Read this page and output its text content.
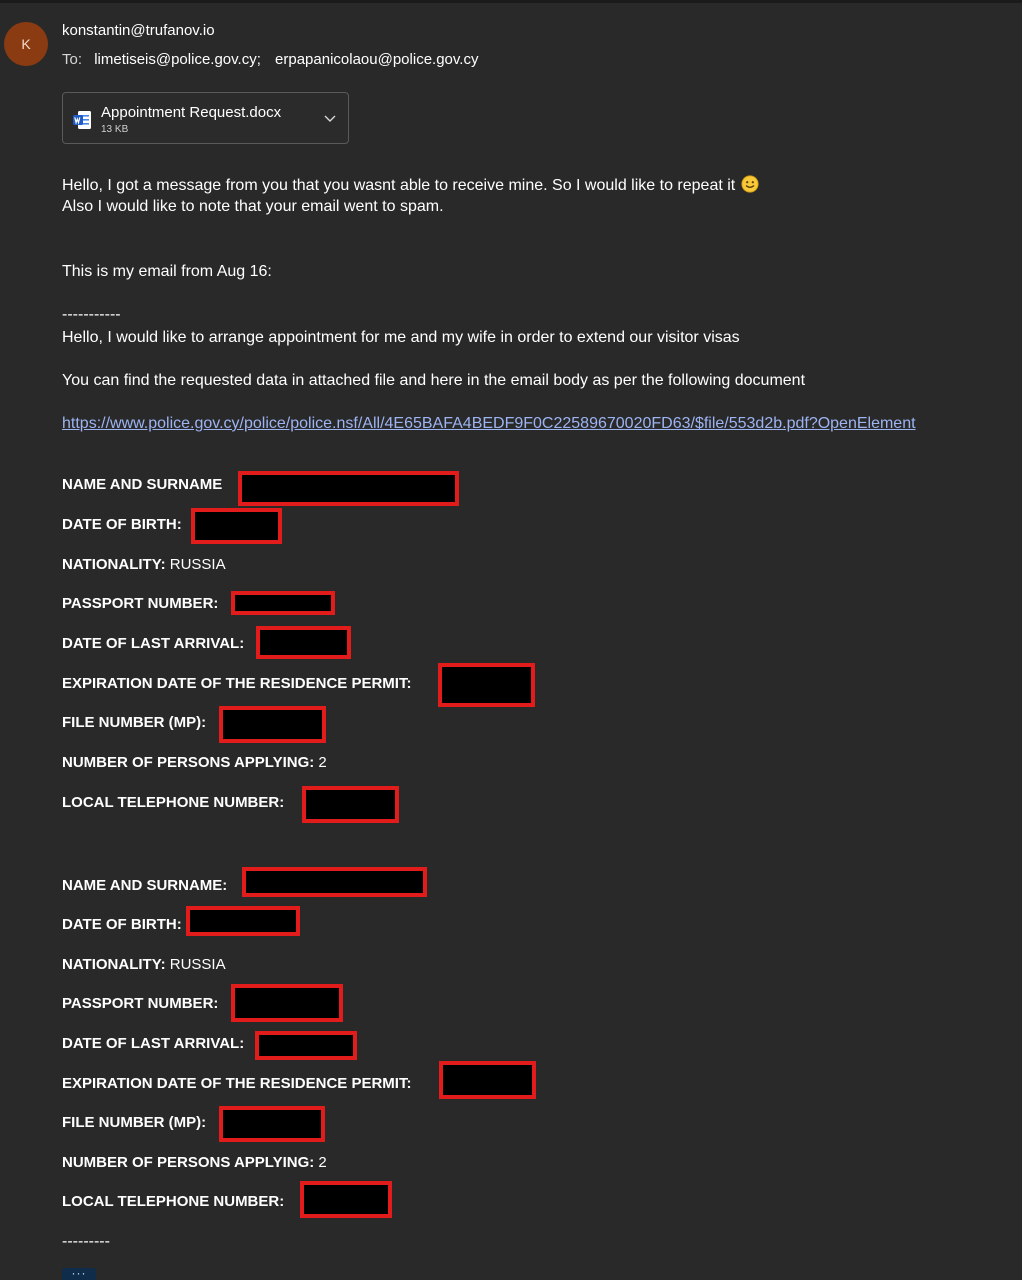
K
konstantin@trufanov.io
To: limetiseis@police.gov.cy; erpapanicolaou@police.gov.cy
Appointment Request.docx
13 KB
Hello, I got a message from you that you wasnt able to receive mine. So I would like to repeat it
Also I would like to note that your email went to spam.
This is my email from Aug 16:
-----------
Hello, I would like to arrange appointment for me and my wife in order to extend our visitor visas
You can find the requested data in attached file and here in the email body as per the following document
https://www.police.gov.cy/police/police.nsf/All/4E65BAFA4BEDF9F0C22589670020FD63/$file/553d2b.pdf?OpenElement
NAME AND SURNAME
DATE OF BIRTH:
NATIONALITY: RUSSIA
PASSPORT NUMBER:
DATE OF LAST ARRIVAL:
EXPIRATION DATE OF THE RESIDENCE PERMIT:
FILE NUMBER (MP):
NUMBER OF PERSONS APPLYING: 2
LOCAL TELEPHONE NUMBER:
NAME AND SURNAME:
DATE OF BIRTH:
NATIONALITY: RUSSIA
PASSPORT NUMBER:
DATE OF LAST ARRIVAL:
EXPIRATION DATE OF THE RESIDENCE PERMIT:
FILE NUMBER (MP):
NUMBER OF PERSONS APPLYING: 2
LOCAL TELEPHONE NUMBER:
---------
···
